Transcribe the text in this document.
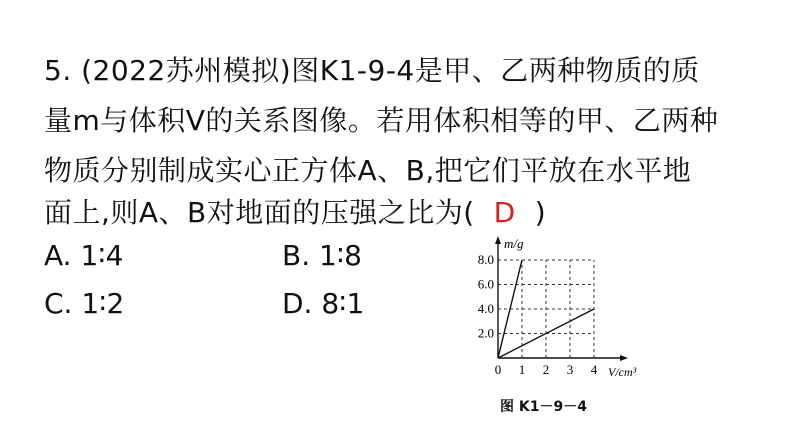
5. (2022苏州模拟)图K1-9-4是甲、乙两种物质的质
量m与体积V的关系图像。若用体积相等的甲、乙两种
物质分别制成实心正方体A、B,把它们平放在水平地
面上,则A、B对地面的压强之比为( D )
A. 1∶4	B. 1∶8
C. 1∶2	D. 8∶1
0 1 2 3 4
2.0
4.0
6.0
8.0
m/g
V/cm³
图 K1－9－4
